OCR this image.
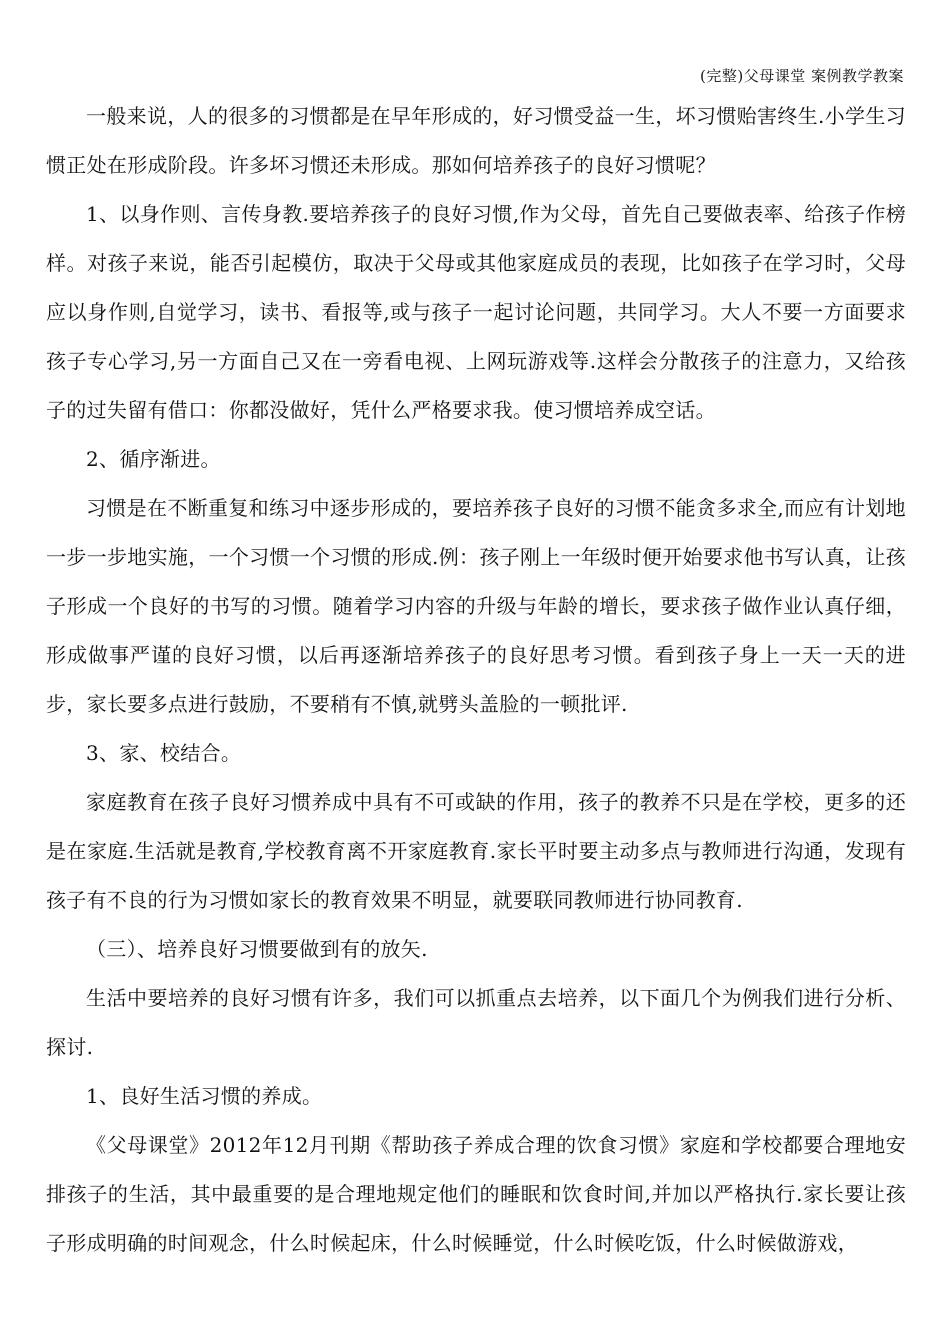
(完整)父母课堂 案例教学教案

一般来说，人的很多的习惯都是在早年形成的，好习惯受益一生，坏习惯贻害终生.小学生习惯正处在形成阶段。许多坏习惯还未形成。那如何培养孩子的良好习惯呢？

1、以身作则、言传身教.要培养孩子的良好习惯,作为父母，首先自己要做表率、给孩子作榜样。对孩子来说，能否引起模仿，取决于父母或其他家庭成员的表现，比如孩子在学习时，父母应以身作则,自觉学习，读书、看报等,或与孩子一起讨论问题，共同学习。大人不要一方面要求孩子专心学习,另一方面自己又在一旁看电视、上网玩游戏等.这样会分散孩子的注意力，又给孩子的过失留有借口：你都没做好，凭什么严格要求我。使习惯培养成空话。

2、循序渐进。

习惯是在不断重复和练习中逐步形成的，要培养孩子良好的习惯不能贪多求全,而应有计划地一步一步地实施，一个习惯一个习惯的形成.例：孩子刚上一年级时便开始要求他书写认真，让孩子形成一个良好的书写的习惯。随着学习内容的升级与年龄的增长，要求孩子做作业认真仔细，形成做事严谨的良好习惯，以后再逐渐培养孩子的良好思考习惯。看到孩子身上一天一天的进步，家长要多点进行鼓励，不要稍有不慎,就劈头盖脸的一顿批评.

3、家、校结合。

家庭教育在孩子良好习惯养成中具有不可或缺的作用，孩子的教养不只是在学校，更多的还是在家庭.生活就是教育,学校教育离不开家庭教育.家长平时要主动多点与教师进行沟通，发现有孩子有不良的行为习惯如家长的教育效果不明显，就要联同教师进行协同教育.

（三）、培养良好习惯要做到有的放矢.

生活中要培养的良好习惯有许多，我们可以抓重点去培养，以下面几个为例我们进行分析、探讨.

1、良好生活习惯的养成。

《父母课堂》2012年12月刊期《帮助孩子养成合理的饮食习惯》家庭和学校都要合理地安排孩子的生活，其中最重要的是合理地规定他们的睡眠和饮食时间,并加以严格执行.家长要让孩子形成明确的时间观念，什么时候起床，什么时候睡觉，什么时候吃饭，什么时候做游戏，
